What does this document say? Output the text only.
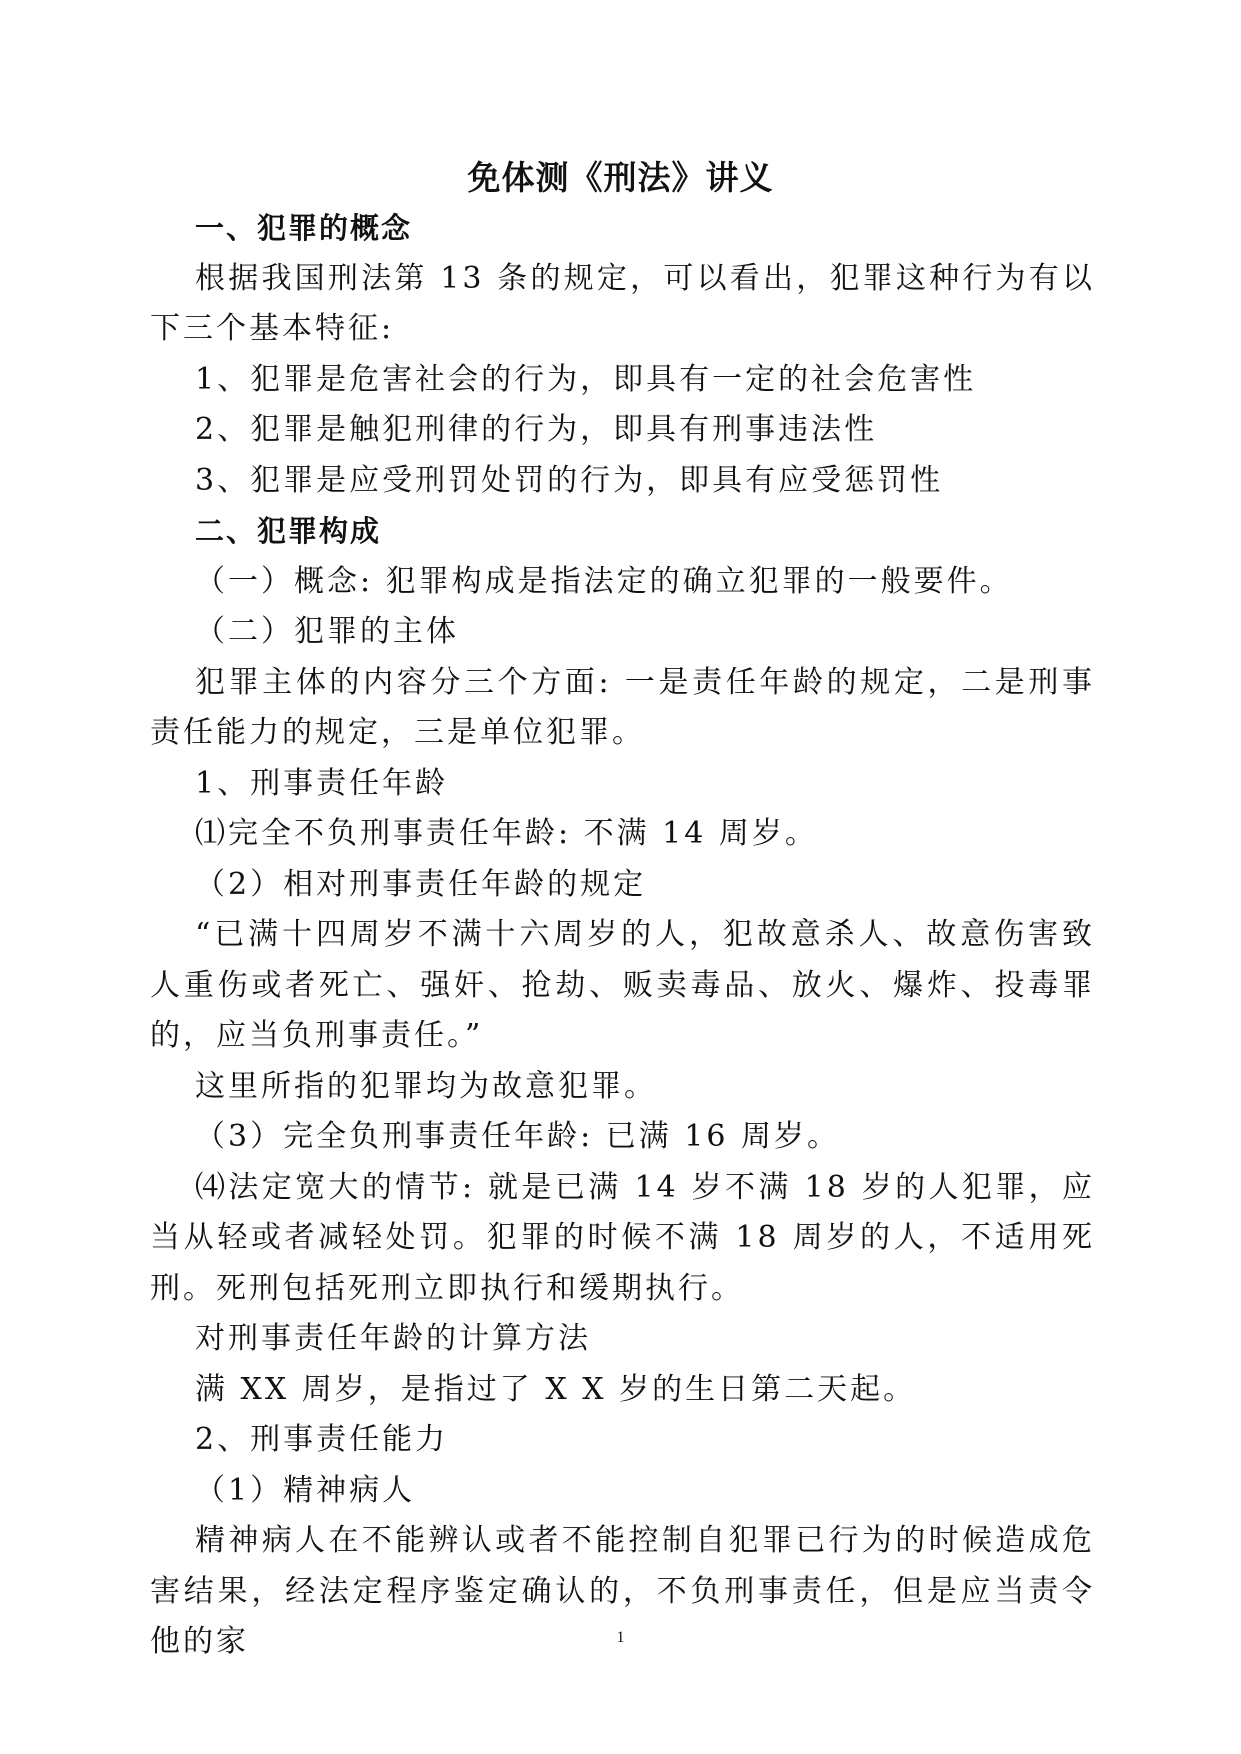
免体测《刑法》讲义

一、犯罪的概念

根据我国刑法第 13 条的规定，可以看出，犯罪这种行为有以下三个基本特征:

1、犯罪是危害社会的行为，即具有一定的社会危害性

2、犯罪是触犯刑律的行为，即具有刑事违法性

3、犯罪是应受刑罚处罚的行为，即具有应受惩罚性

二、犯罪构成

（一）概念: 犯罪构成是指法定的确立犯罪的一般要件。

（二）犯罪的主体

犯罪主体的内容分三个方面: 一是责任年龄的规定，二是刑事责任能力的规定，三是单位犯罪。

1、刑事责任年龄

⑴完全不负刑事责任年龄: 不满 14 周岁。

（2）相对刑事责任年龄的规定

“已满十四周岁不满十六周岁的人，犯故意杀人、故意伤害致人重伤或者死亡、强奸、抢劫、贩卖毒品、放火、爆炸、投毒罪的，应当负刑事责任。”

这里所指的犯罪均为故意犯罪。

（3）完全负刑事责任年龄: 已满 16 周岁。

⑷法定宽大的情节: 就是已满 14 岁不满 18 岁的人犯罪，应当从轻或者减轻处罚。犯罪的时候不满 18 周岁的人，不适用死刑。死刑包括死刑立即执行和缓期执行。

对刑事责任年龄的计算方法

满 XX 周岁，是指过了 X X 岁的生日第二天起。

2、刑事责任能力

（1）精神病人

精神病人在不能辨认或者不能控制自犯罪已行为的时候造成危害结果，经法定程序鉴定确认的，不负刑事责任，但是应当责令他的家	1
